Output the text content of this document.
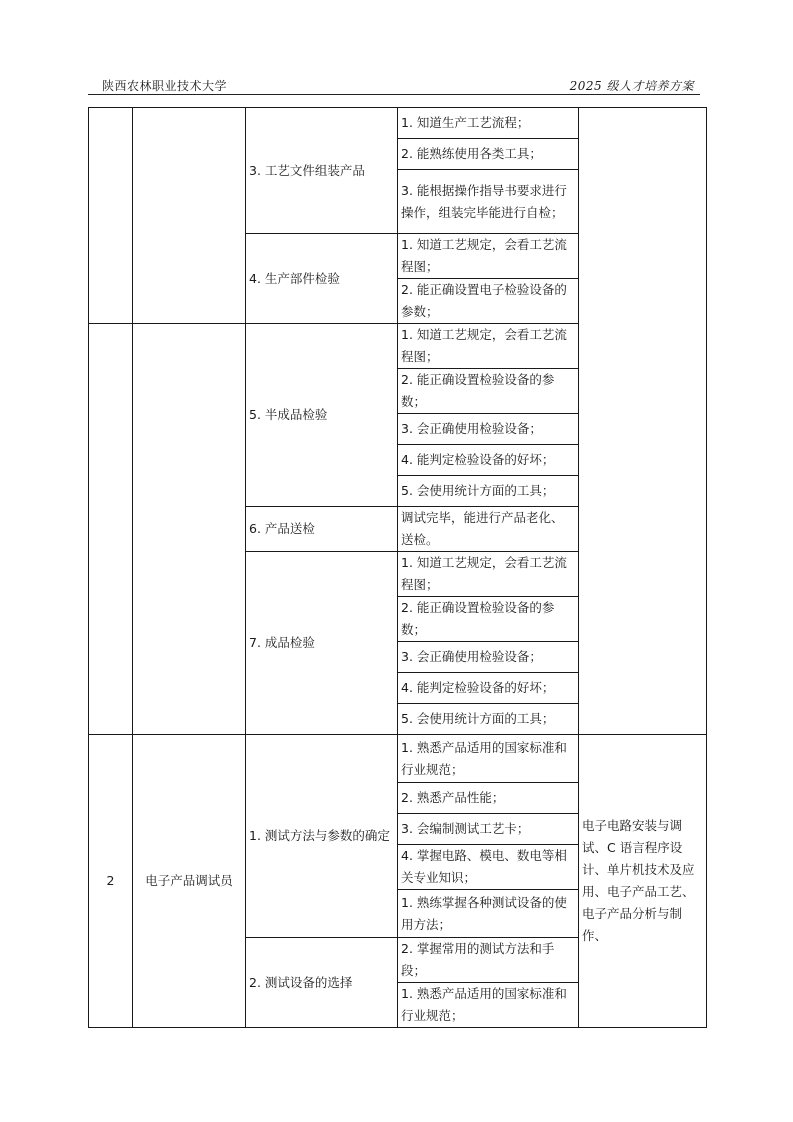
陕西农林职业技术大学	2025 级人才培养方案
		3. 工艺文件组装产品	1. 知道生产工艺流程；	
			2. 能熟练使用各类工具；	
			3. 能根据操作指导书要求进行操作，组装完毕能进行自检；	
		4. 生产部件检验	1. 知道工艺规定，会看工艺流程图；	
			2. 能正确设置电子检验设备的参数；	
		5. 半成品检验	1. 知道工艺规定，会看工艺流程图；	
			2. 能正确设置检验设备的参数；	
			3. 会正确使用检验设备；	
			4. 能判定检验设备的好坏；	
			5. 会使用统计方面的工具；	
		6. 产品送检	调试完毕，能进行产品老化、送检。	
		7. 成品检验	1. 知道工艺规定，会看工艺流程图；	
			2. 能正确设置检验设备的参数；	
			3. 会正确使用检验设备；	
			4. 能判定检验设备的好坏；	
			5. 会使用统计方面的工具；	
2	电子产品调试员	1. 测试方法与参数的确定	1. 熟悉产品适用的国家标准和行业规范；	电子电路安装与调试、C 语言程序设计、单片机技术及应用、电子产品工艺、电子产品分析与制作、
			2. 熟悉产品性能；	
			3. 会编制测试工艺卡；	
			4. 掌握电路、模电、数电等相关专业知识；	
			1. 熟练掌握各种测试设备的使用方法；	
		2. 测试设备的选择	2. 掌握常用的测试方法和手段；	
			1. 熟悉产品适用的国家标准和行业规范；	
